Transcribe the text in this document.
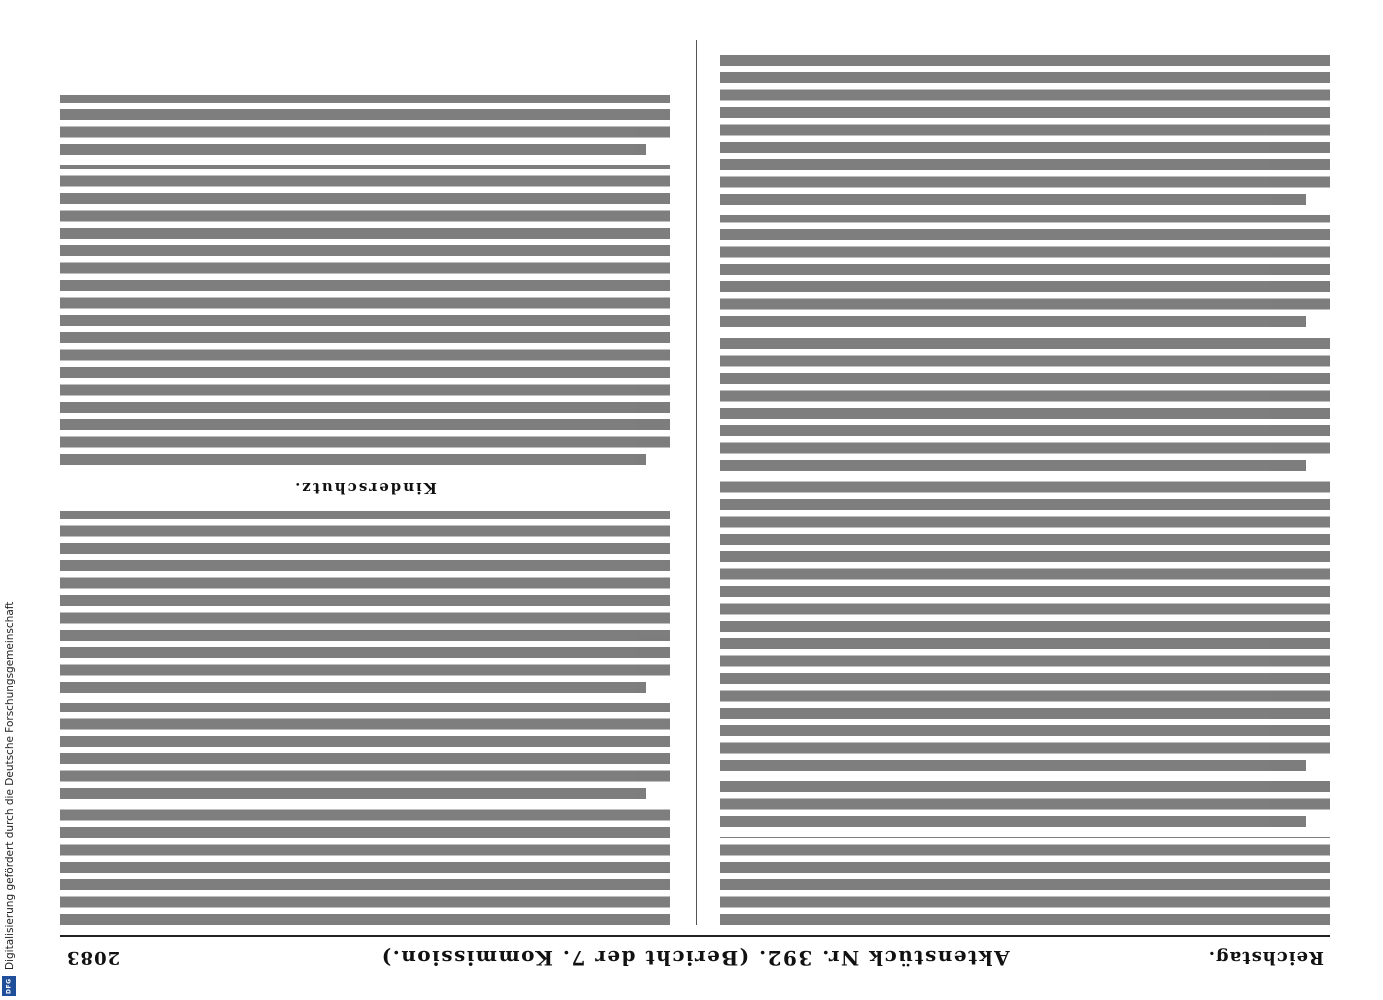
Digitalisierung gefördert durch die Deutsche Forschungsgemeinschaft
DFG
Reichstag.
Aktenstück Nr. 392. (Bericht der 7. Kommission.)
2083
Kinderschutz.
